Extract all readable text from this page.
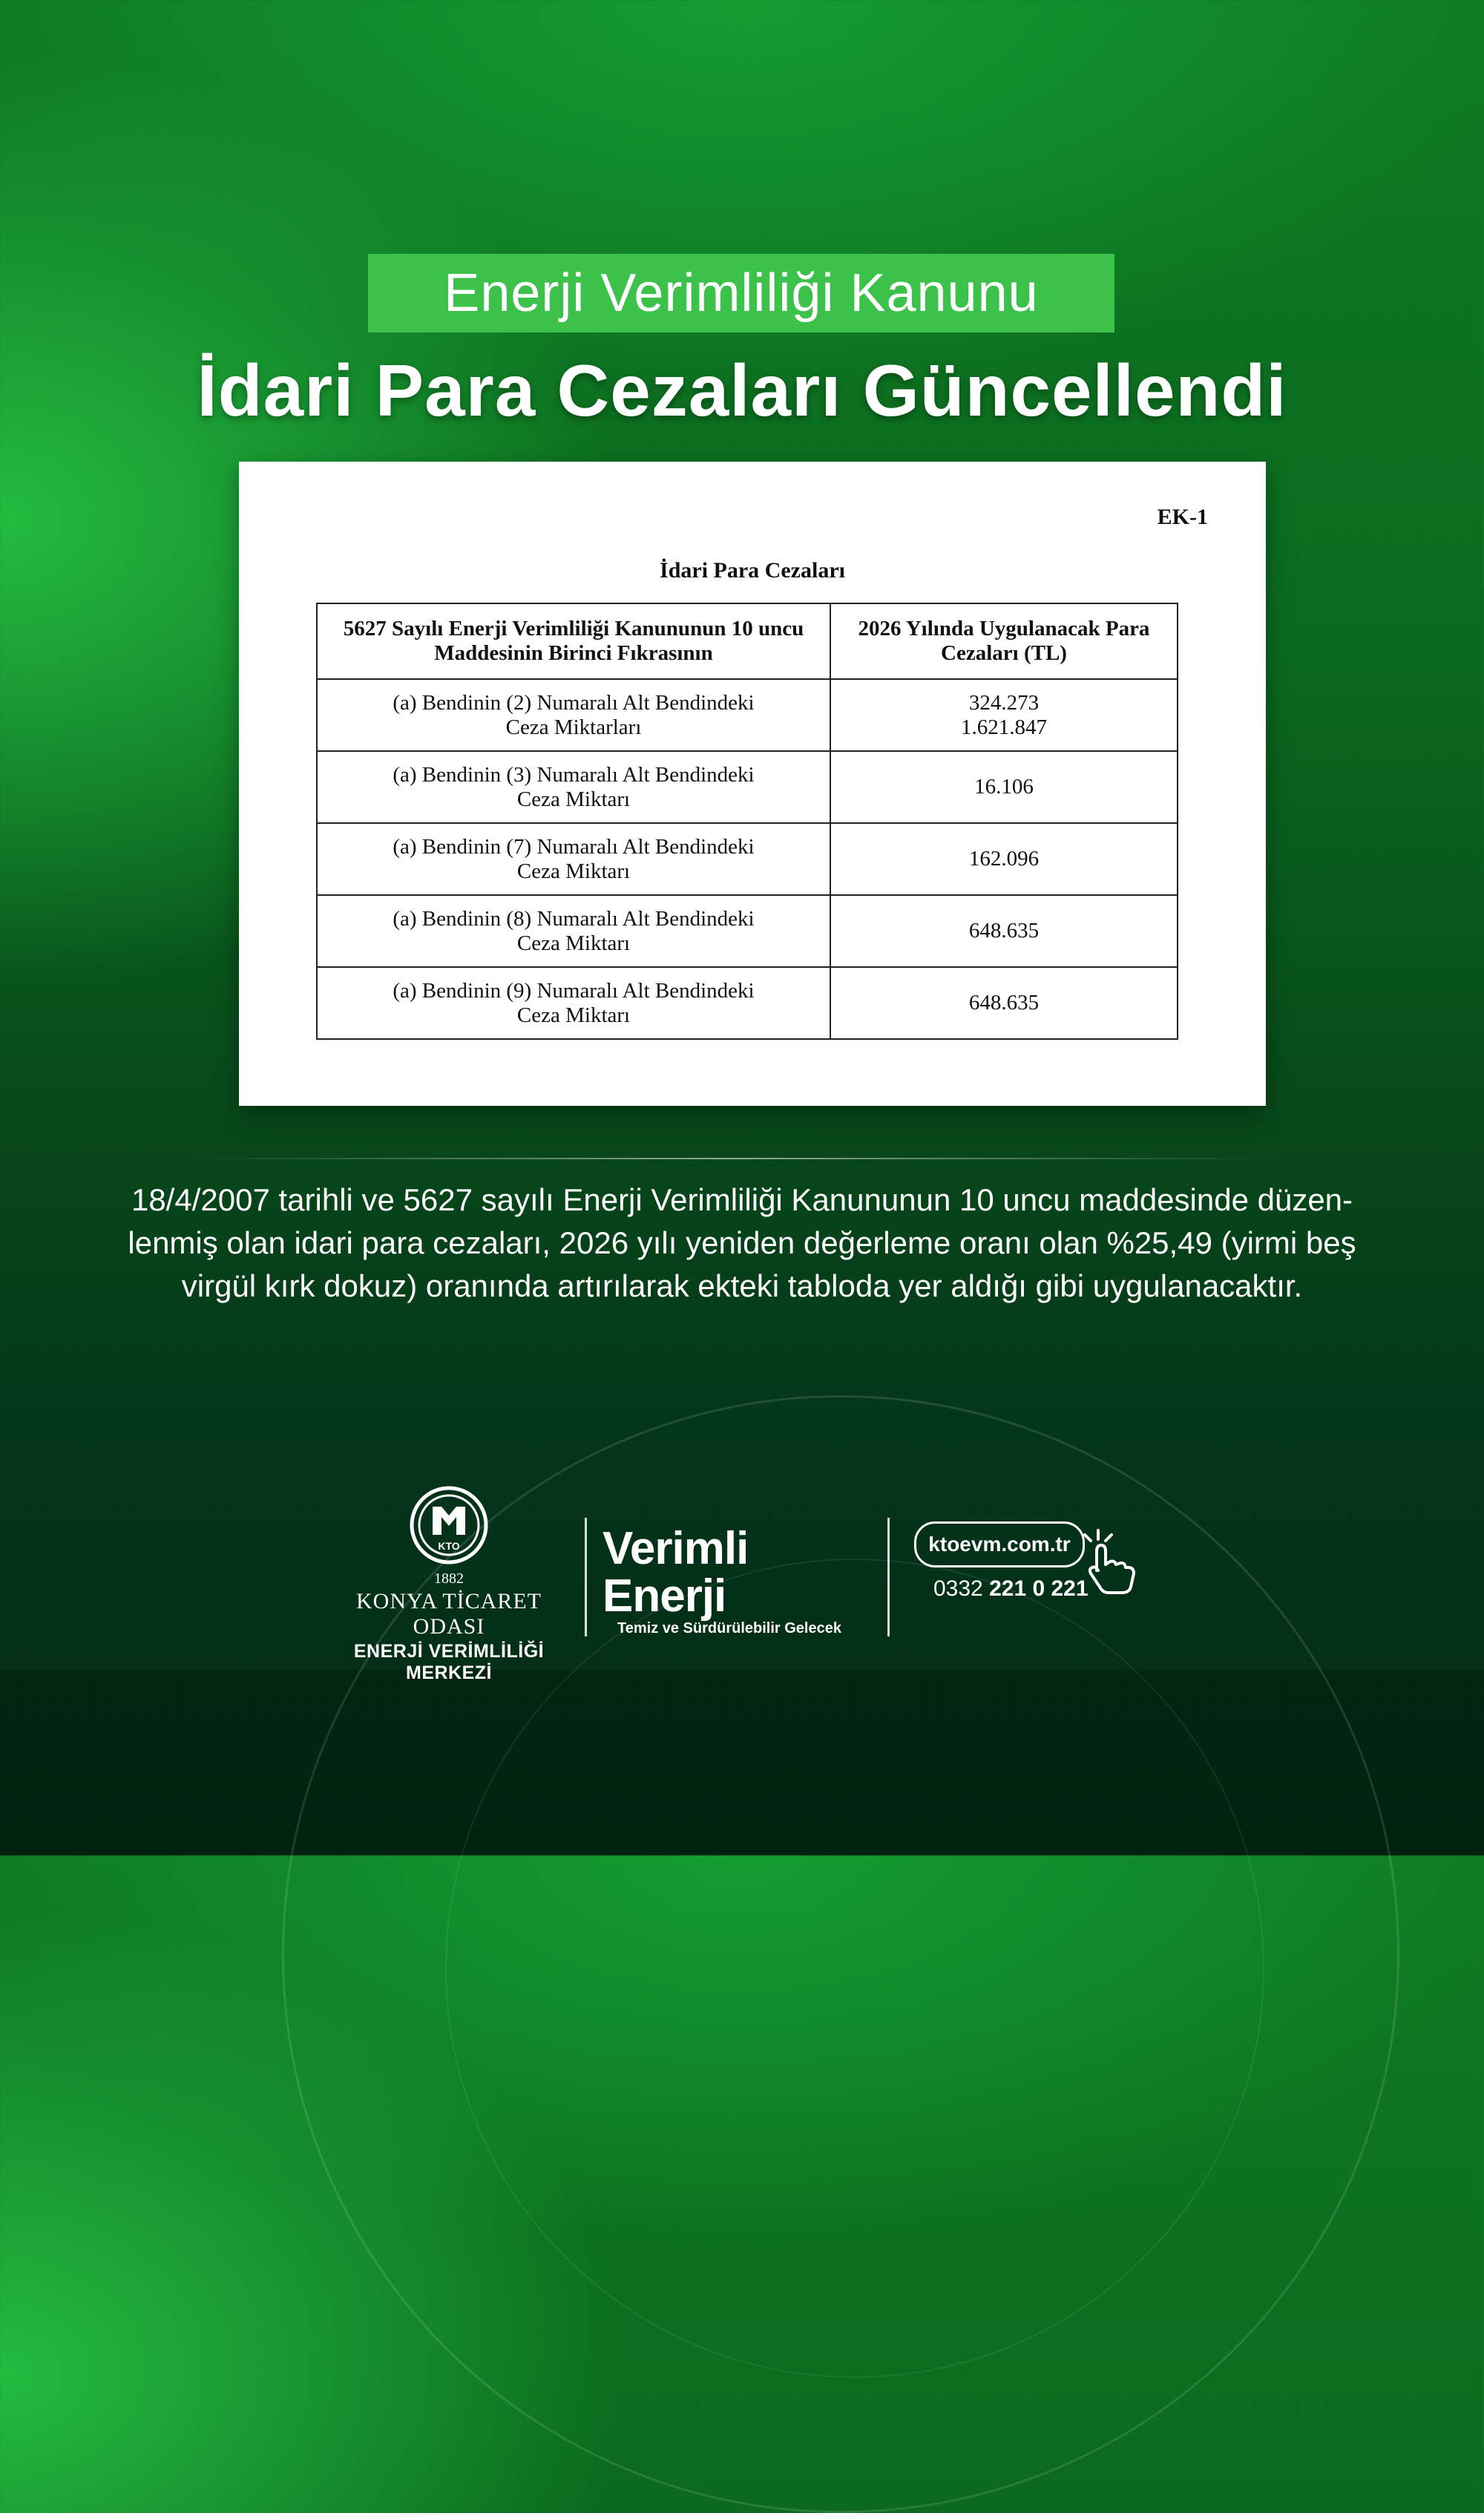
Enerji Verimliliği Kanunu
İdari Para Cezaları Güncellendi
EK-1
İdari Para Cezaları
5627 Sayılı Enerji Verimliliği Kanununun 10 uncu Maddesinin Birinci Fıkrasının	2026 Yılında Uygulanacak Para Cezaları (TL)

(a) Bendinin (2) Numaralı Alt Bendindeki
Ceza Miktarları	324.273
1.621.847

(a) Bendinin (3) Numaralı Alt Bendindeki
Ceza Miktarı	16.106

(a) Bendinin (7) Numaralı Alt Bendindeki
Ceza Miktarı	162.096

(a) Bendinin (8) Numaralı Alt Bendindeki
Ceza Miktarı	648.635

(a) Bendinin (9) Numaralı Alt Bendindeki
Ceza Miktarı	648.635
18/4/2007 tarihli ve 5627 sayılı Enerji Verimliliği Kanununun 10 uncu maddesinde düzen-
lenmiş olan idari para cezaları, 2026 yılı yeniden değerleme oranı olan %25,49 (yirmi beş
virgül kırk dokuz) oranında artırılarak ekteki tabloda yer aldığı gibi uygulanacaktır.
KTO
1882
KONYA TİCARET ODASI
ENERJİ VERİMLİLİĞİ MERKEZİ
Verimli Enerji
Temiz ve Sürdürülebilir Gelecek
ktoevm.com.tr
0332 221 0 221
